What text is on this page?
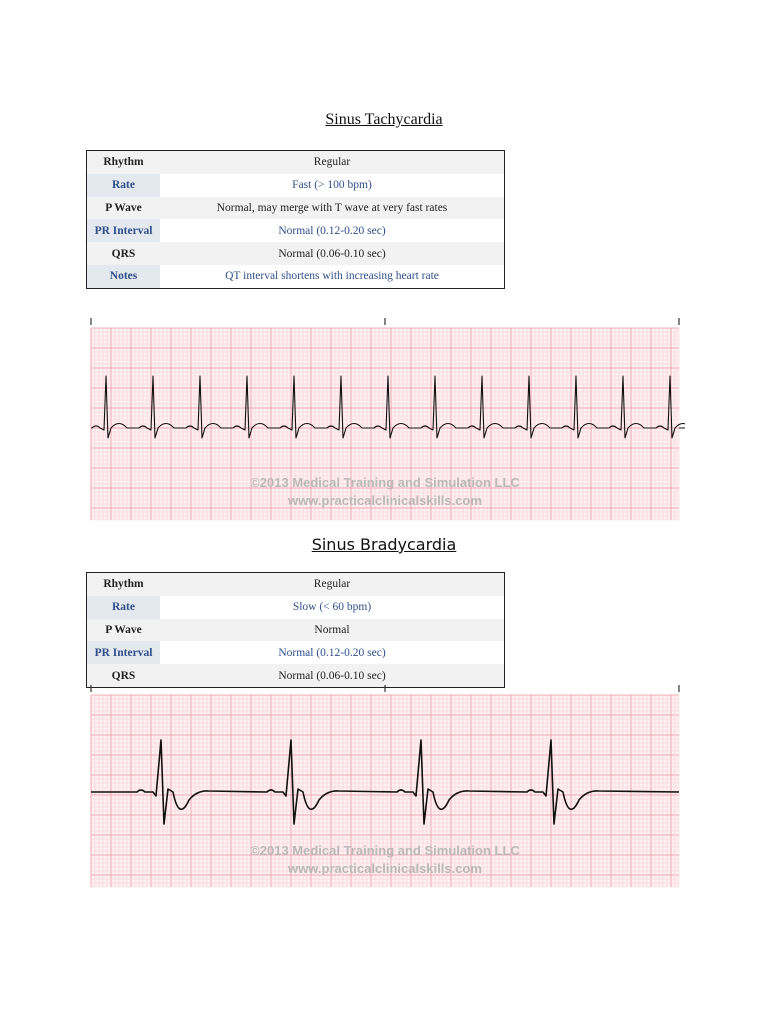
Sinus Tachycardia
Rhythm	Regular
Rate	Fast (> 100 bpm)
P Wave	Normal, may merge with T wave at very fast rates
PR Interval	Normal (0.12-0.20 sec)
QRS	Normal (0.06-0.10 sec)
Notes	QT interval shortens with increasing heart rate
©2013 Medical Training and Simulation LLC
www.practicalclinicalskills.com
Sinus Bradycardia
Rhythm	Regular
Rate	Slow (< 60 bpm)
P Wave	Normal
PR Interval	Normal (0.12-0.20 sec)
QRS	Normal (0.06-0.10 sec)
©2013 Medical Training and Simulation LLC
www.practicalclinicalskills.com
